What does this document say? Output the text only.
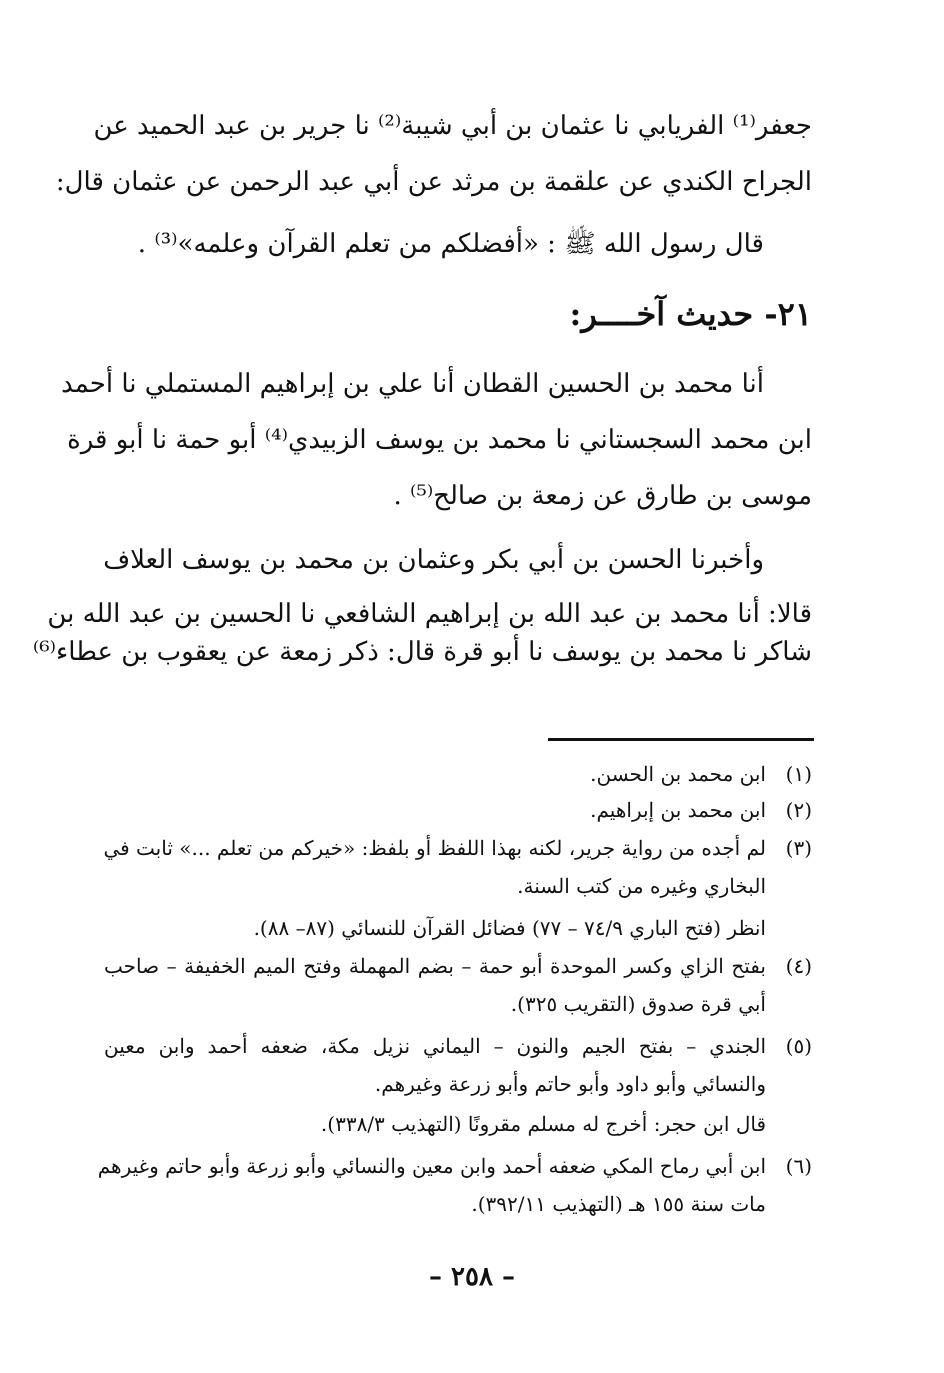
جعفر⁽¹⁾ الفريابي نا عثمان بن أبي شيبة⁽²⁾ نا جرير بن عبد الحميد عن
الجراح الكندي عن علقمة بن مرثد عن أبي عبد الرحمن عن عثمان قال:
قال رسول الله ﷺ : «أفضلكم من تعلم القرآن وعلمه»⁽³⁾ .
٢١- حديث آخــــر:
أنا محمد بن الحسين القطان أنا علي بن إبراهيم المستملي نا أحمد
ابن محمد السجستاني نا محمد بن يوسف الزبيدي⁽⁴⁾ أبو حمة نا أبو قرة
موسى بن طارق عن زمعة بن صالح⁽⁵⁾ .
وأخبرنا الحسن بن أبي بكر وعثمان بن محمد بن يوسف العلاف
قالا: أنا محمد بن عبد الله بن إبراهيم الشافعي نا الحسين بن عبد الله بن
شاكر نا محمد بن يوسف نا أبو قرة قال: ذكر زمعة عن يعقوب بن عطاء⁽⁶⁾
(١)
ابن محمد بن الحسن.
(٢)
ابن محمد بن إبراهيم.
(٣)
لم أجده من رواية جرير، لكنه بهذا اللفظ أو بلفظ: «خيركم من تعلم ...» ثابت في
البخاري وغيره من كتب السنة.
انظر (فتح الباري ٧٤/٩ – ٧٧) فضائل القرآن للنسائي (٨٧– ٨٨).
(٤)
بفتح الزاي وكسر الموحدة أبو حمة – بضم المهملة وفتح الميم الخفيفة – صاحب
أبي قرة صدوق (التقريب ٣٢٥).
(٥)
الجندي – بفتح الجيم والنون – اليماني نزيل مكة، ضعفه أحمد وابن معين
والنسائي وأبو داود وأبو حاتم وأبو زرعة وغيرهم.
قال ابن حجر: أخرج له مسلم مقرونًا (التهذيب ٣٣٨/٣).
(٦)
ابن أبي رماح المكي ضعفه أحمد وابن معين والنسائي وأبو زرعة وأبو حاتم وغيرهم
مات سنة ١٥٥ هـ (التهذيب ٣٩٢/١١).
– ٢٥٨ –
